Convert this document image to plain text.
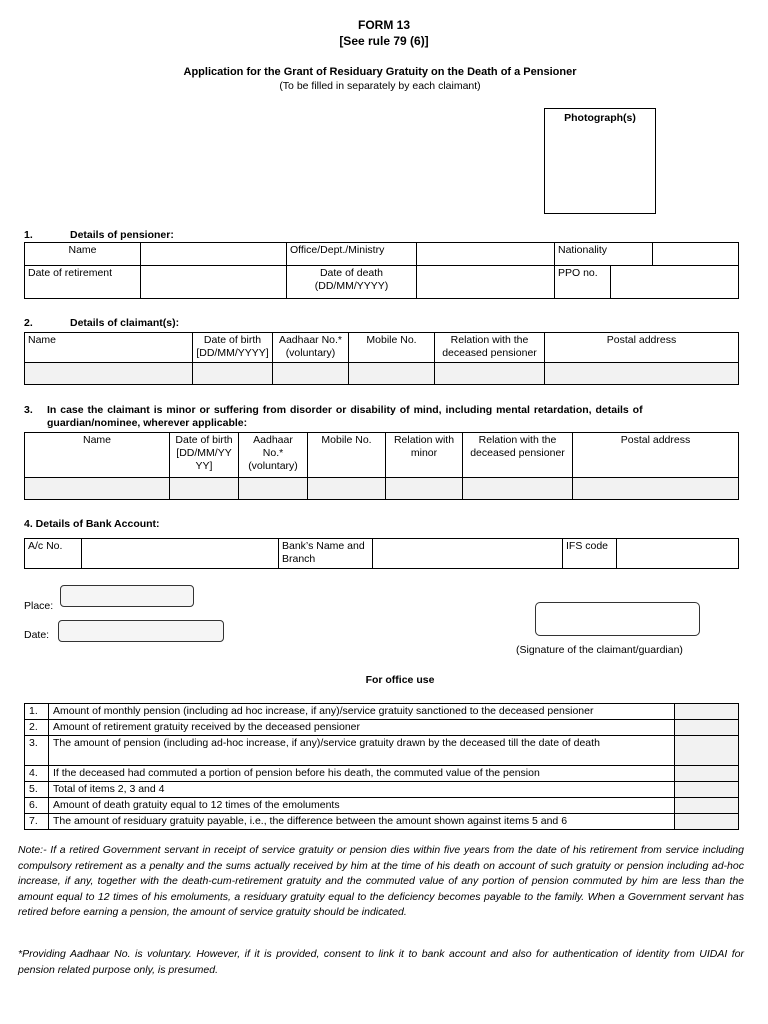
FORM 13
[See rule 79 (6)]
Application for the Grant of Residuary Gratuity on the Death of a Pensioner
(To be filled in separately by each claimant)
Photograph(s)
1.	Details of pensioner:
Name		Office/Dept./Ministry		Nationality		
Date of retirement		Date of death (DD/MM/YYYY)		PPO no.		
2.	Details of claimant(s):
Name	Date of birth [DD/MM/YYYY]	Aadhaar No.* (voluntary)	Mobile No.	Relation with the deceased pensioner	Postal address

3. In case the claimant is minor or suffering from disorder or disability of mind, including mental retardation, details of
guardian/nominee, wherever applicable:
Name	Date of birth [DD/MM/YY YY]	Aadhaar No.* (voluntary)	Mobile No.	Relation with minor	Relation with the deceased pensioner	Postal address

4. Details of Bank Account:
A/c No.		Bank’s Name and Branch		IFS code	
Place:
Date:
(Signature of the claimant/guardian)
For office use
1.	Amount of monthly pension (including ad hoc increase, if any)/service gratuity sanctioned to the deceased pensioner	
2.	Amount of retirement gratuity received by the deceased pensioner	
3.	The amount of pension (including ad-hoc increase, if any)/service gratuity drawn by the deceased till the date of death	
4.	If the deceased had commuted a portion of pension before his death, the commuted value of the pension	
5.	Total of items 2, 3 and 4	
6.	Amount of death gratuity equal to 12 times of the emoluments	
7.	The amount of residuary gratuity payable, i.e., the difference between the amount shown against items 5 and 6	
Note:- If a retired Government servant in receipt of service gratuity or pension dies within five years from the date of his retirement from service including compulsory retirement as a penalty and the sums actually received by him at the time of his death on account of such gratuity or pension including ad-hoc increase, if any, together with the death-cum-retirement gratuity and the commuted value of any portion of pension commuted by him are less than the amount equal to 12 times of his emoluments, a residuary gratuity equal to the deficiency becomes payable to the family. When a Government servant has retired before earning a pension, the amount of service gratuity should be indicated.
*Providing Aadhaar No. is voluntary. However, if it is provided, consent to link it to bank account and also for authentication of identity from UIDAI for pension related purpose only, is presumed.
